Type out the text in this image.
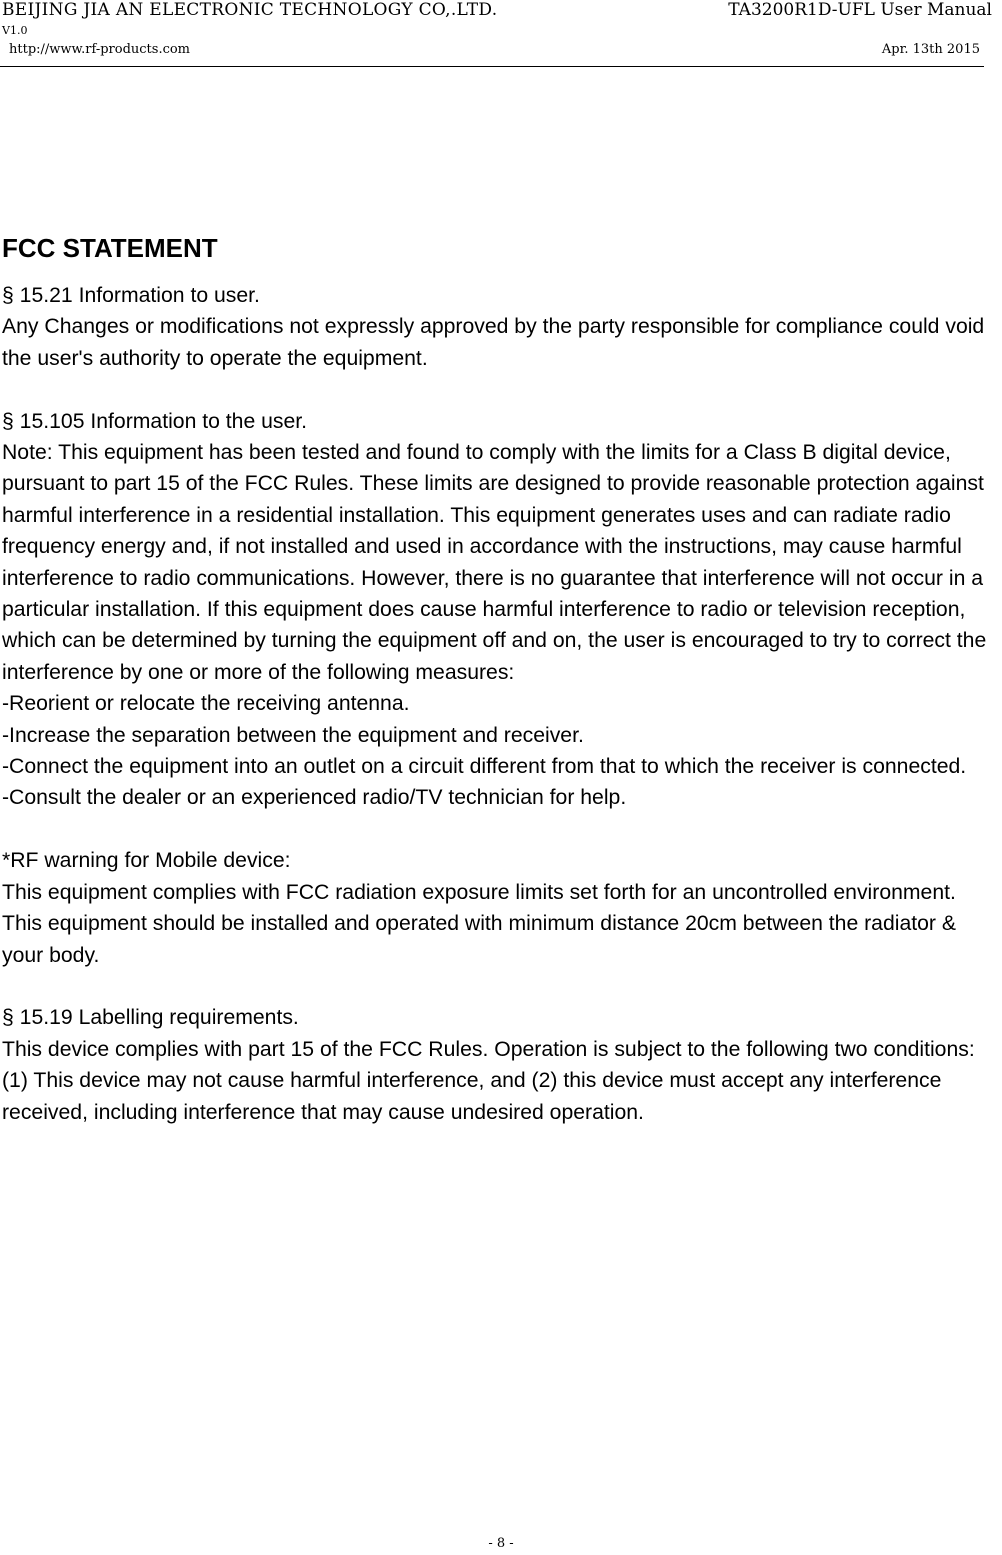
BEIJING JIA AN ELECTRONIC TECHNOLOGY CO,.LTD.	TA3200R1D-UFL User Manual
V1.0
http://www.rf-products.com	Apr. 13th 2015
FCC STATEMENT

§ 15.21 Information to user.

Any Changes or modifications not expressly approved by the party responsible for compliance could void the user's authority to operate the equipment.

§ 15.105 Information to the user.

Note: This equipment has been tested and found to comply with the limits for a Class B digital device, pursuant to part 15 of the FCC Rules. These limits are designed to provide reasonable protection against harmful interference in a residential installation. This equipment generates uses and can radiate radio frequency energy and, if not installed and used in accordance with the instructions, may cause harmful interference to radio communications. However, there is no guarantee that interference will not occur in a particular installation. If this equipment does cause harmful interference to radio or television reception, which can be determined by turning the equipment off and on, the user is encouraged to try to correct the interference by one or more of the following measures:

-Reorient or relocate the receiving antenna.

-Increase the separation between the equipment and receiver.

-Connect the equipment into an outlet on a circuit different from that to which the receiver is connected.

-Consult the dealer or an experienced radio/TV technician for help.

*RF warning for Mobile device:

This equipment complies with FCC radiation exposure limits set forth for an uncontrolled environment. This equipment should be installed and operated with minimum distance 20cm between the radiator & your body.

§ 15.19 Labelling requirements.

This device complies with part 15 of the FCC Rules. Operation is subject to the following two conditions: (1) This device may not cause harmful interference, and (2) this device must accept any interference received, including interference that may cause undesired operation.

- 8 -
